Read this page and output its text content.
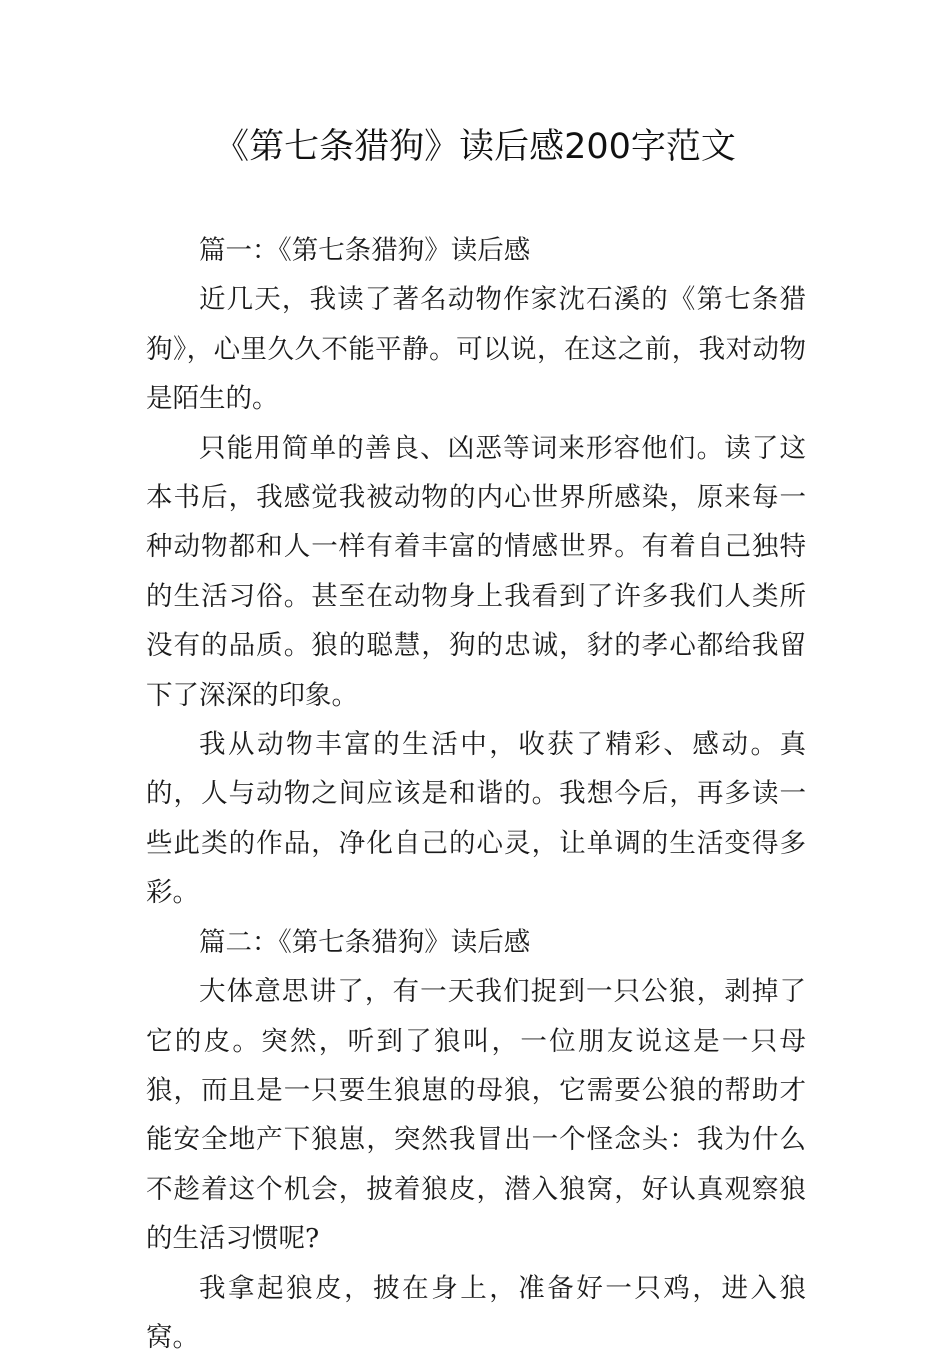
《第七条猎狗》读后感200字范文

篇一：《第七条猎狗》读后感

近几天，我读了著名动物作家沈石溪的《第七条猎狗》，心里久久不能平静。可以说，在这之前，我对动物是陌生的。

只能用简单的善良、凶恶等词来形容他们。读了这本书后，我感觉我被动物的内心世界所感染，原来每一种动物都和人一样有着丰富的情感世界。有着自己独特的生活习俗。甚至在动物身上我看到了许多我们人类所没有的品质。狼的聪慧，狗的忠诚，豺的孝心都给我留下了深深的印象。

我从动物丰富的生活中，收获了精彩、感动。真的，人与动物之间应该是和谐的。我想今后，再多读一些此类的作品，净化自己的心灵，让单调的生活变得多彩。

篇二：《第七条猎狗》读后感

大体意思讲了，有一天我们捉到一只公狼，剥掉了它的皮。突然，听到了狼叫，一位朋友说这是一只母狼，而且是一只要生狼崽的母狼，它需要公狼的帮助才能安全地产下狼崽，突然我冒出一个怪念头：我为什么不趁着这个机会，披着狼皮，潜入狼窝，好认真观察狼的生活习惯呢?

我拿起狼皮，披在身上，准备好一只鸡，进入狼窝。
